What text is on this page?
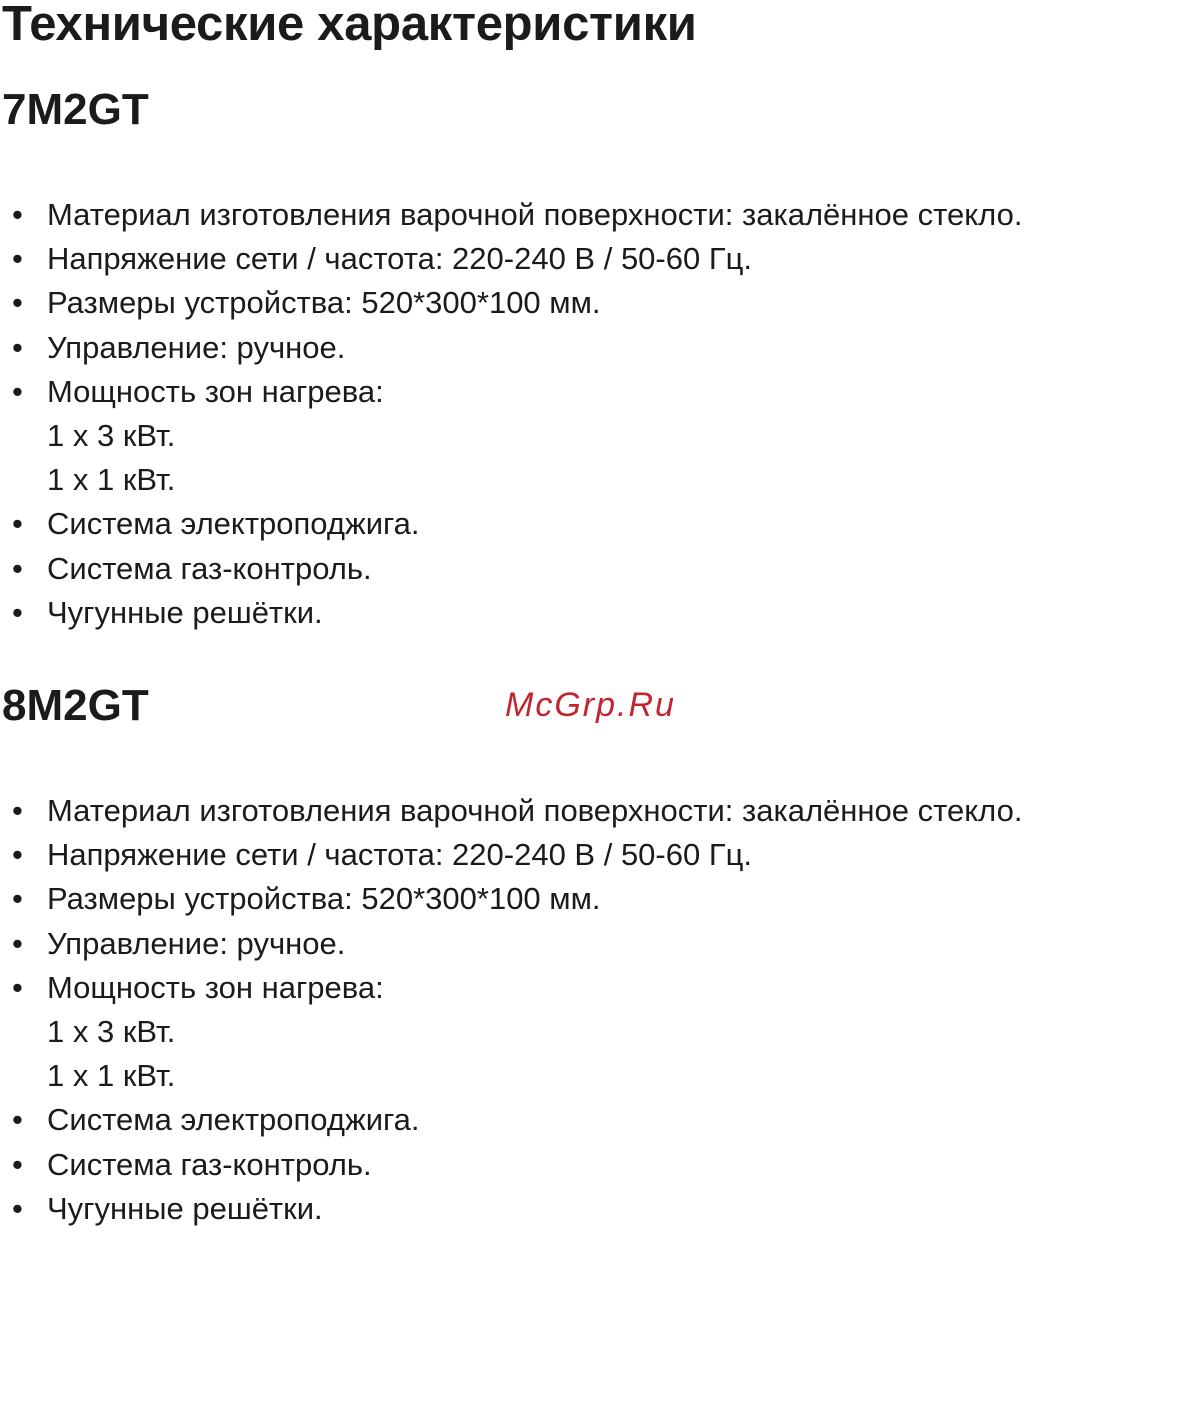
Технические характеристики
7M2GT
• Материал изготовления варочной поверхности: закалённое стекло.
• Напряжение сети / частота: 220-240 В / 50-60 Гц.
• Размеры устройства: 520*300*100 мм.
• Управление: ручное.
• Мощность зон нагрева:
1 х 3 кВт.
1 х 1 кВт.
• Система электроподжига.
• Система газ-контроль.
• Чугунные решётки.
8M2GT	McGrp.Ru
• Материал изготовления варочной поверхности: закалённое стекло.
• Напряжение сети / частота: 220-240 В / 50-60 Гц.
• Размеры устройства: 520*300*100 мм.
• Управление: ручное.
• Мощность зон нагрева:
1 х 3 кВт.
1 х 1 кВт.
• Система электроподжига.
• Система газ-контроль.
• Чугунные решётки.
